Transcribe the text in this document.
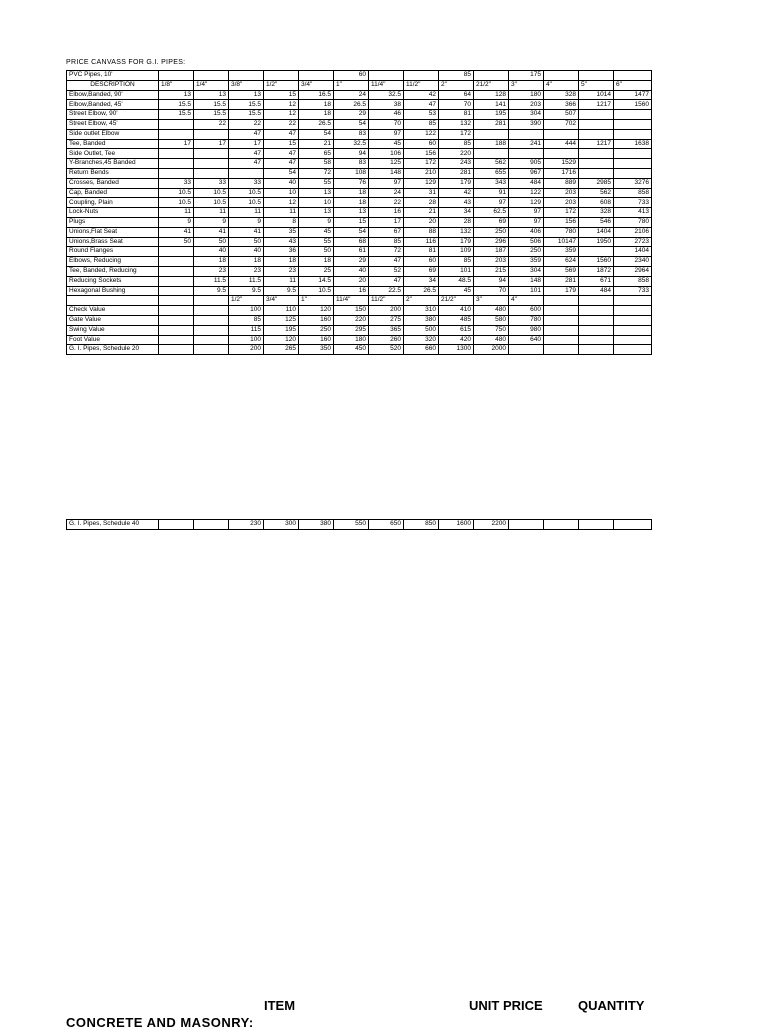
PRICE CANVASS FOR G.I. PIPES:
PVC Pipes, 10'						60			85		175			
DESCRIPTION	1/8"	1/4"	3/8"	1/2"	3/4"	1"	11/4"	11/2"	2"	21/2"	3"	4"	5"	6"
Elbow,Banded, 90'	13	13	13	15	16.5	24	32.5	42	64	128	180	328	1014	1477
Elbow,Banded, 45'	15.5	15.5	15.5	12	18	26.5	38	47	70	141	203	366	1217	1560
Street Elbow, 90'	15.5	15.5	15.5	12	18	29	46	53	81	195	304	507		
Street Elbow, 45'		22	22	22	26.5	54	70	85	132	281	390	702		
Side outlet Elbow			47	47	54	83	97	122	172					
Tee, Banded	17	17	17	15	21	32.5	45	60	85	188	241	444	1217	1638
Side Outlet, Tee			47	47	65	94	106	156	220					
Y-Branches,45 Banded			47	47	58	83	125	172	243	562	905	1529		
Return Bends				54	72	108	148	210	281	655	967	1716		
Crosses, Banded	33	33	33	40	55	76	97	129	179	343	484	889	2985	3276
Cap, Banded	10.5	10.5	10.5	10	13	18	24	31	42	91	122	203	562	858
Coupling, Plain	10.5	10.5	10.5	12	10	18	22	28	43	97	129	203	608	733
Lock-Nuts	11	11	11	11	13	13	16	21	34	62.5	97	172	328	413
Plugs	9	9	9	8	9	15	17	20	28	69	97	156	546	780
Unions,Flat Seat	41	41	41	35	45	54	67	88	132	250	406	780	1404	2106
Unions,Brass Seat	50	50	50	43	55	68	85	116	179	296	506	10147	1950	2723
Round Flanges		40	40	36	50	61	72	81	109	187	250	359		1404
Elbows, Reducing		18	18	18	18	29	47	60	85	203	359	624	1560	2340
Tee, Banded, Reducing		23	23	23	25	40	52	69	101	215	304	569	1872	2964
Reducing Sockets		11.5	11.5	11	14.5	20	47	34	48.5	94	148	281	671	858
Hexagonal Bushing		9.5	9.5	9.5	10.5	16	22.5	26.5	45	70	101	179	484	733
			1/2"	3/4"	1"	11/4"	11/2"	2"	21/2"	3"	4"			
Check Value			100	110	120	150	200	310	410	480	600			
Gate Value			85	125	160	220	275	380	485	580	780			
Swing Value			115	195	250	295	365	500	615	750	980			
Foot Value			100	120	160	180	260	320	420	480	640			
G. I. Pipes, Schedule 20			200	265	350	450	520	660	1300	2000				
G. I. Pipes, Schedule 40			230	300	380	550	650	850	1600	2200				
ITEM	UNIT PRICE	QUANTITY
CONCRETE AND MASONRY:
